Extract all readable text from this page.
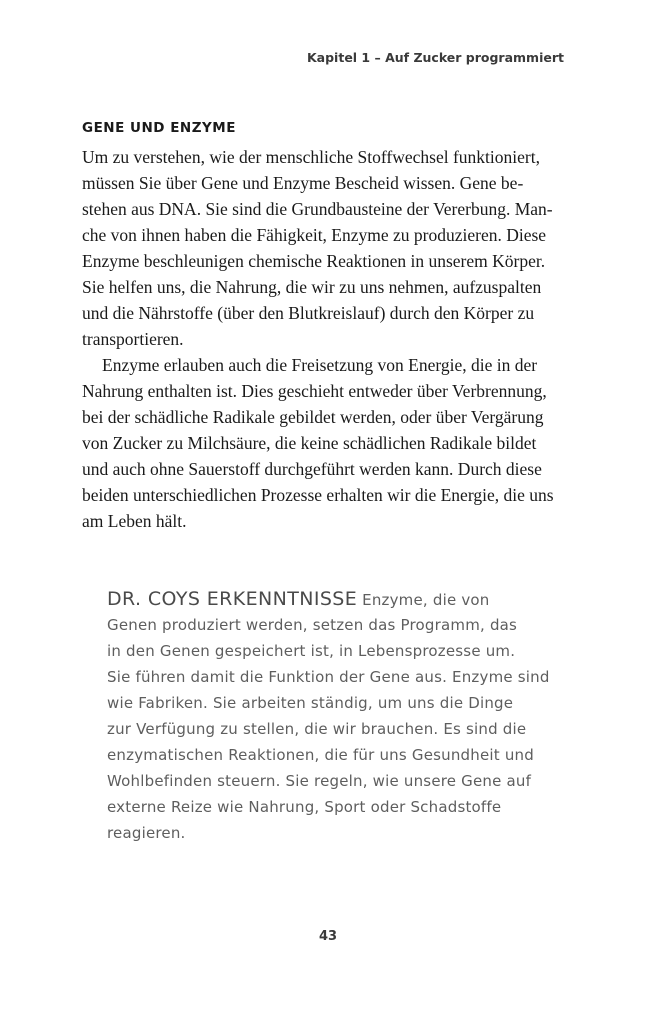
Kapitel 1 – Auf Zucker programmiert
GENE UND ENZYME
Um zu verstehen, wie der menschliche Stoffwechsel funktioniert,
müssen Sie über Gene und Enzyme Bescheid wissen. Gene be-
stehen aus DNA. Sie sind die Grundbausteine der Vererbung. Man-
che von ihnen haben die Fähigkeit, Enzyme zu produzieren. Diese
Enzyme beschleunigen chemische Reaktionen in unserem Körper.
Sie helfen uns, die Nahrung, die wir zu uns nehmen, aufzuspalten
und die Nährstoffe (über den Blutkreislauf) durch den Körper zu
transportieren.
Enzyme erlauben auch die Freisetzung von Energie, die in der
Nahrung enthalten ist. Dies geschieht entweder über Verbrennung,
bei der schädliche Radikale gebildet werden, oder über Vergärung
von Zucker zu Milchsäure, die keine schädlichen Radikale bildet
und auch ohne Sauerstoff durchgeführt werden kann. Durch diese
beiden unterschiedlichen Prozesse erhalten wir die Energie, die uns
am Leben hält.
DR. COYS ERKENNTNISSE Enzyme, die von
Genen produziert werden, setzen das Programm, das
in den Genen gespeichert ist, in Lebensprozesse um.
Sie führen damit die Funktion der Gene aus. Enzyme sind
wie Fabriken. Sie arbeiten ständig, um uns die Dinge
zur Verfügung zu stellen, die wir brauchen. Es sind die
enzymatischen Reaktionen, die für uns Gesundheit und
Wohlbefinden steuern. Sie regeln, wie unsere Gene auf
externe Reize wie Nahrung, Sport oder Schadstoffe
reagieren.
43
